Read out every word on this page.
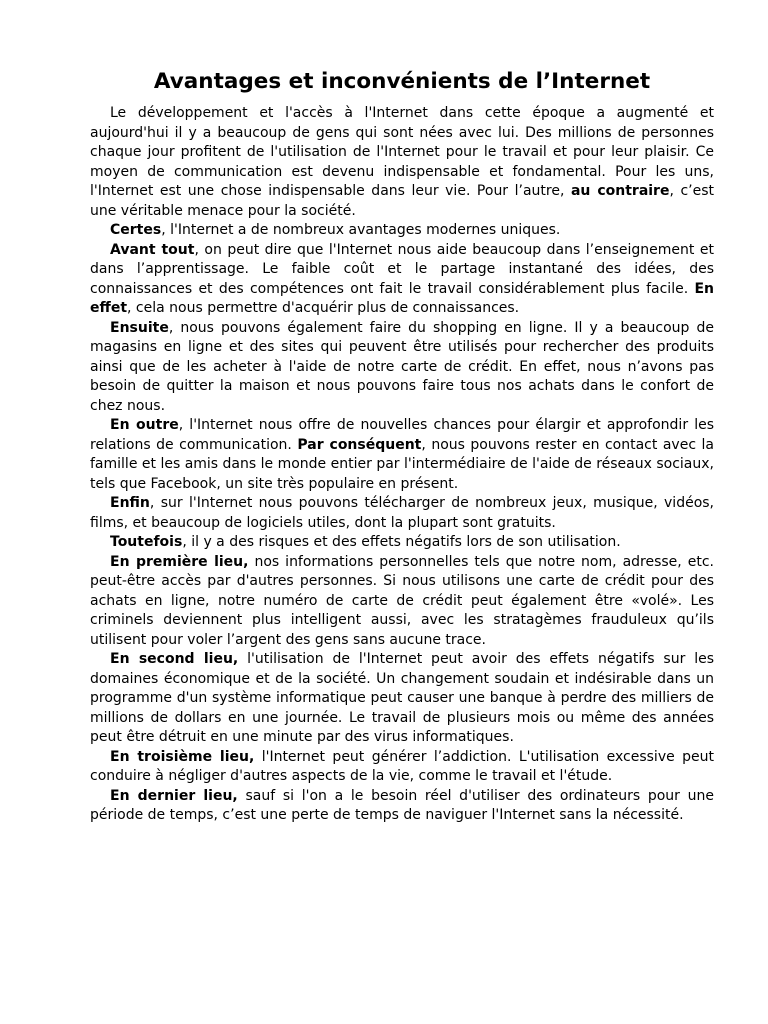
Avantages et inconvénients de l’Internet

Le développement et l'accès à l'Internet dans cette époque a augmenté et aujourd'hui il y a beaucoup de gens qui sont nées avec lui. Des millions de personnes chaque jour profitent de l'utilisation de l'Internet pour le travail et pour leur plaisir. Ce moyen de communication est devenu indispensable et fondamental. Pour les uns, l'Internet est une chose indispensable dans leur vie. Pour l’autre, au contraire, c’est une véritable menace pour la société.

Certes, l'Internet a de nombreux avantages modernes uniques.

Avant tout, on peut dire que l'Internet nous aide beaucoup dans l’enseignement et dans l’apprentissage. Le faible coût et le partage instantané des idées, des connaissances et des compétences ont fait le travail considérablement plus facile. En effet, cela nous permettre d'acquérir plus de connaissances.

Ensuite, nous pouvons également faire du shopping en ligne. Il y a beaucoup de magasins en ligne et des sites qui peuvent être utilisés pour rechercher des produits ainsi que de les acheter à l'aide de notre carte de crédit. En effet, nous n’avons pas besoin de quitter la maison et nous pouvons faire tous nos achats dans le confort de chez nous.

En outre, l'Internet nous offre de nouvelles chances pour élargir et approfondir les relations de communication. Par conséquent, nous pouvons rester en contact avec la famille et les amis dans le monde entier par l'intermédiaire de l'aide de réseaux sociaux, tels que Facebook, un site très populaire en présent.

Enfin, sur l'Internet nous pouvons télécharger de nombreux jeux, musique, vidéos, films, et beaucoup de logiciels utiles, dont la plupart sont gratuits.

Toutefois, il y a des risques et des effets négatifs lors de son utilisation.

En première lieu, nos informations personnelles tels que notre nom, adresse, etc. peut-être accès par d'autres personnes. Si nous utilisons une carte de crédit pour des achats en ligne, notre numéro de carte de crédit peut également être «volé». Les criminels deviennent plus intelligent aussi, avec les stratagèmes frauduleux qu’ils utilisent pour voler l’argent des gens sans aucune trace.

En second lieu, l'utilisation de l'Internet peut avoir des effets négatifs sur les domaines économique et de la société. Un changement soudain et indésirable dans un programme d'un système informatique peut causer une banque à perdre des milliers de millions de dollars en une journée. Le travail de plusieurs mois ou même des années peut être détruit en une minute par des virus informatiques.

En troisième lieu, l'Internet peut générer l’addiction. L'utilisation excessive peut conduire à négliger d'autres aspects de la vie, comme le travail et l'étude.

En dernier lieu, sauf si l'on a le besoin réel d'utiliser des ordinateurs pour une période de temps, c’est une perte de temps de naviguer l'Internet sans la nécessité.
